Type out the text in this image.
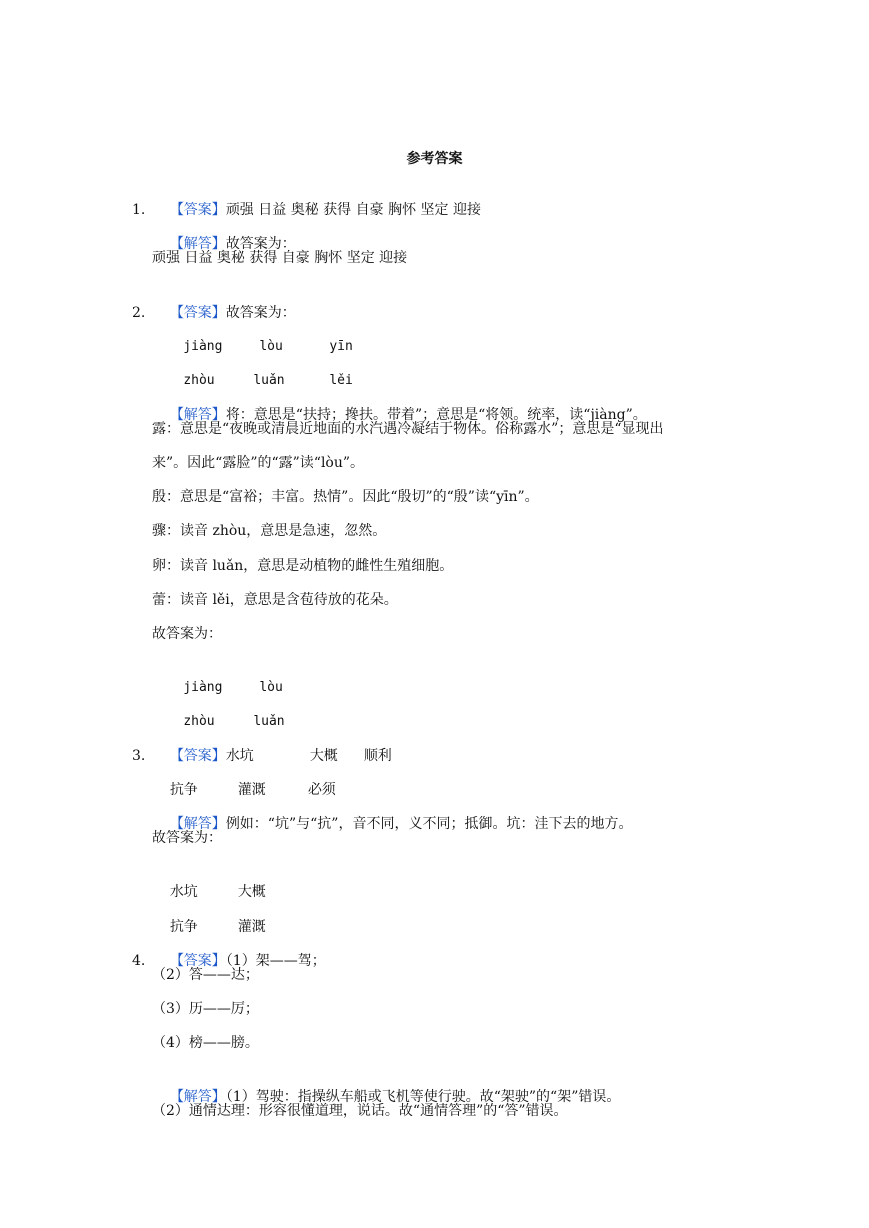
参考答案

1. 【答案】顽强 日益 奥秘 获得 自豪 胸怀 坚定 迎接

【解答】故答案为：

顽强 日益 奥秘 获得 自豪 胸怀 坚定 迎接

2. 【答案】故答案为：

jiàng	lòu	yīn

zhòu	luǎn	lěi

【解答】将：意思是“扶持；搀扶。带着”；意思是“将领。统率，读“jiàng”。

露：意思是“夜晚或清晨近地面的水汽遇冷凝结于物体。俗称露水”；意思是“显现出
来”。因此“露脸”的“露”读“lòu”。
殷：意思是“富裕；丰富。热情”。因此“殷切”的“殷”读“yīn”。
骤：读音 zhòu，意思是急速，忽然。
卵：读音 luǎn，意思是动植物的雌性生殖细胞。
蕾：读音 lěi，意思是含苞待放的花朵。
故答案为：

jiàng	lòu

zhòu	luǎn

3. 【答案】水坑	大概 顺利

抗争	灌溉	必须

【解答】例如：“坑”与“抗”，音不同，义不同；抵御。坑：洼下去的地方。

故答案为：

水坑	大概

抗争	灌溉

4. 【答案】（1）架——驾；

（2）答——达；
（3）历——厉；
（4）榜——膀。

【解答】（1）驾驶：指操纵车船或飞机等使行驶。故“架驶”的“架”错误。

（2）通情达理：形容很懂道理，说话。故“通情答理”的“答”错误。
